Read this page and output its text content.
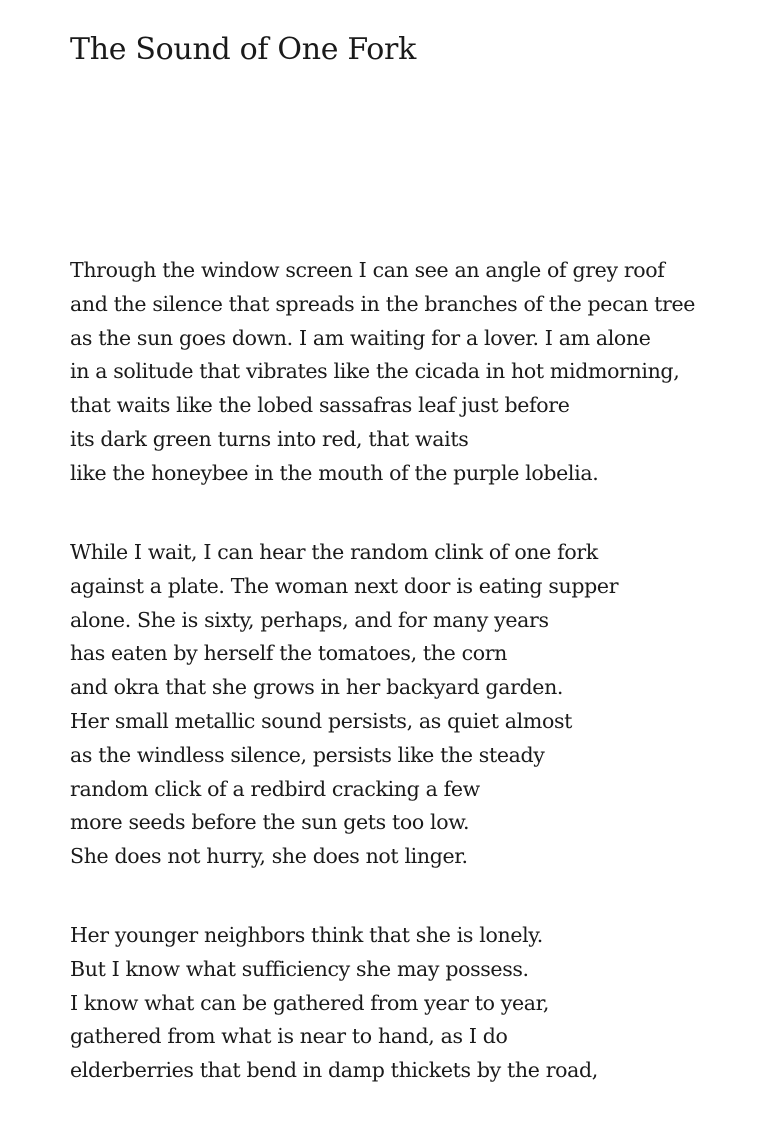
The Sound of One Fork
Through the window screen I can see an angle of grey roof
and the silence that spreads in the branches of the pecan tree
as the sun goes down. I am waiting for a lover. I am alone
in a solitude that vibrates like the cicada in hot midmorning,
that waits like the lobed sassafras leaf just before
its dark green turns into red, that waits
like the honeybee in the mouth of the purple lobelia.
While I wait, I can hear the random clink of one fork
against a plate. The woman next door is eating supper
alone. She is sixty, perhaps, and for many years
has eaten by herself the tomatoes, the corn
and okra that she grows in her backyard garden.
Her small metallic sound persists, as quiet almost
as the windless silence, persists like the steady
random click of a redbird cracking a few
more seeds before the sun gets too low.
She does not hurry, she does not linger.
Her younger neighbors think that she is lonely.
But I know what sufficiency she may possess.
I know what can be gathered from year to year,
gathered from what is near to hand, as I do
elderberries that bend in damp thickets by the road,
